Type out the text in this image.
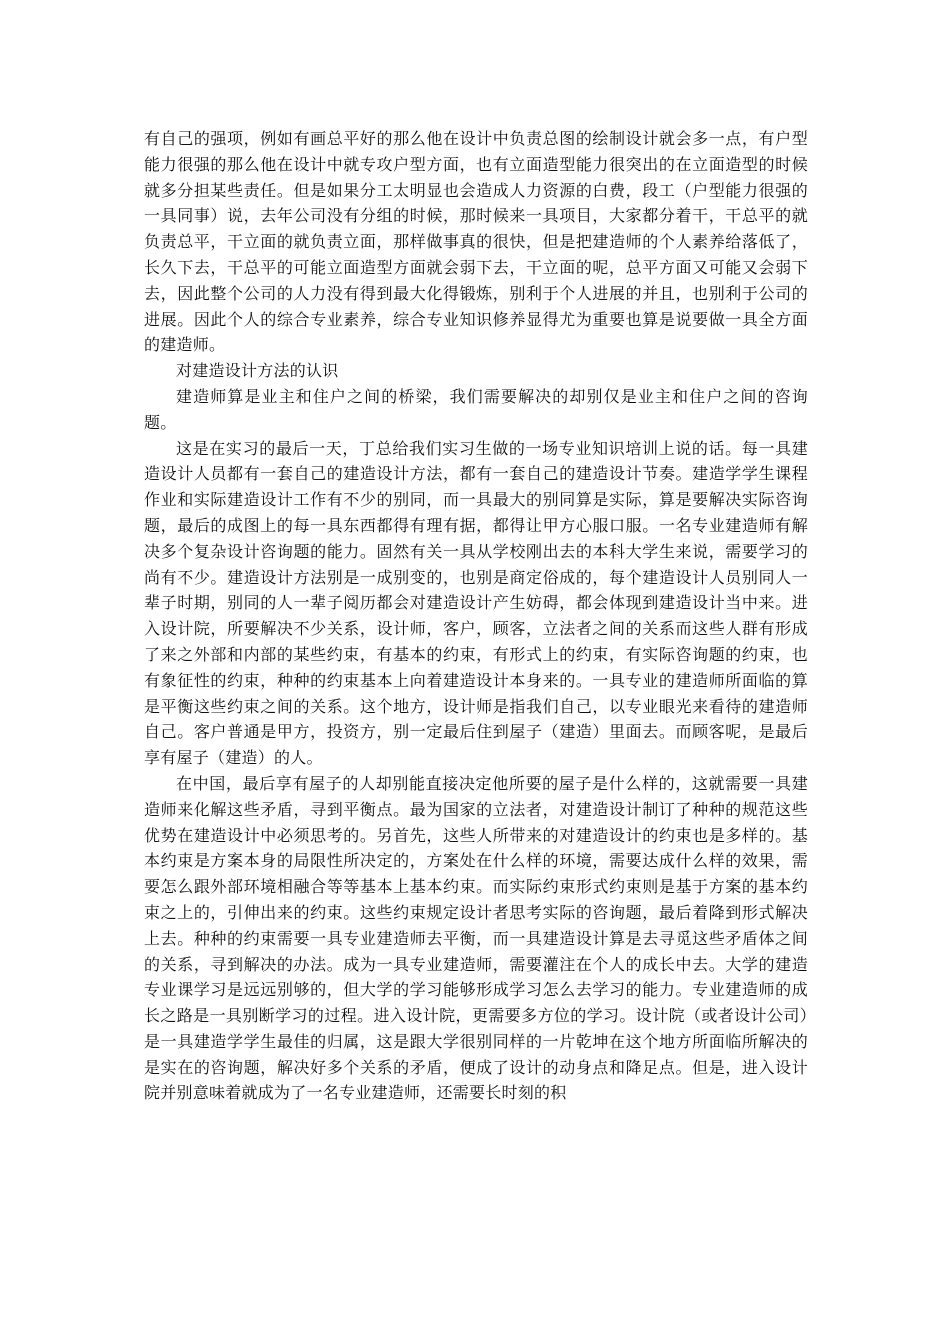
有自己的强项，例如有画总平好的那么他在设计中负责总图的绘制设计就会多一点，有户型能力很强的那么他在设计中就专攻户型方面，也有立面造型能力很突出的在立面造型的时候就多分担某些责任。但是如果分工太明显也会造成人力资源的白费，段工（户型能力很强的一具同事）说，去年公司没有分组的时候，那时候来一具项目，大家都分着干，干总平的就负责总平，干立面的就负责立面，那样做事真的很快，但是把建造师的个人素养给落低了，长久下去，干总平的可能立面造型方面就会弱下去，干立面的呢，总平方面又可能又会弱下去，因此整个公司的人力没有得到最大化得锻炼，别利于个人进展的并且，也别利于公司的进展。因此个人的综合专业素养，综合专业知识修养显得尤为重要也算是说要做一具全方面的建造师。

对建造设计方法的认识

建造师算是业主和住户之间的桥梁，我们需要解决的却别仅是业主和住户之间的咨询题。

这是在实习的最后一天，丁总给我们实习生做的一场专业知识培训上说的话。每一具建造设计人员都有一套自己的建造设计方法，都有一套自己的建造设计节奏。建造学学生课程作业和实际建造设计工作有不少的别同，而一具最大的别同算是实际，算是要解决实际咨询题，最后的成图上的每一具东西都得有理有据，都得让甲方心服口服。一名专业建造师有解决多个复杂设计咨询题的能力。固然有关一具从学校刚出去的本科大学生来说，需要学习的尚有不少。建造设计方法别是一成别变的，也别是商定俗成的，每个建造设计人员别同人一辈子时期，别同的人一辈子阅历都会对建造设计产生妨碍，都会体现到建造设计当中来。进入设计院，所要解决不少关系，设计师，客户，顾客，立法者之间的关系而这些人群有形成了来之外部和内部的某些约束，有基本的约束，有形式上的约束，有实际咨询题的约束，也有象征性的约束，种种的约束基本上向着建造设计本身来的。一具专业的建造师所面临的算是平衡这些约束之间的关系。这个地方，设计师是指我们自己，以专业眼光来看待的建造师自己。客户普通是甲方，投资方，别一定最后住到屋子（建造）里面去。而顾客呢，是最后享有屋子（建造）的人。

在中国，最后享有屋子的人却别能直接决定他所要的屋子是什么样的，这就需要一具建造师来化解这些矛盾，寻到平衡点。最为国家的立法者，对建造设计制订了种种的规范这些优势在建造设计中必须思考的。另首先，这些人所带来的对建造设计的约束也是多样的。基本约束是方案本身的局限性所决定的，方案处在什么样的环境，需要达成什么样的效果，需要怎么跟外部环境相融合等等基本上基本约束。而实际约束形式约束则是基于方案的基本约束之上的，引伸出来的约束。这些约束规定设计者思考实际的咨询题，最后着降到形式解决上去。种种的约束需要一具专业建造师去平衡，而一具建造设计算是去寻觅这些矛盾体之间的关系，寻到解决的办法。成为一具专业建造师，需要灌注在个人的成长中去。大学的建造专业课学习是远远别够的，但大学的学习能够形成学习怎么去学习的能力。专业建造师的成长之路是一具别断学习的过程。进入设计院，更需要多方位的学习。设计院（或者设计公司）是一具建造学学生最佳的归属，这是跟大学很别同样的一片乾坤在这个地方所面临所解决的是实在的咨询题，解决好多个关系的矛盾，便成了设计的动身点和降足点。但是，进入设计院并别意味着就成为了一名专业建造师，还需要长时刻的积
